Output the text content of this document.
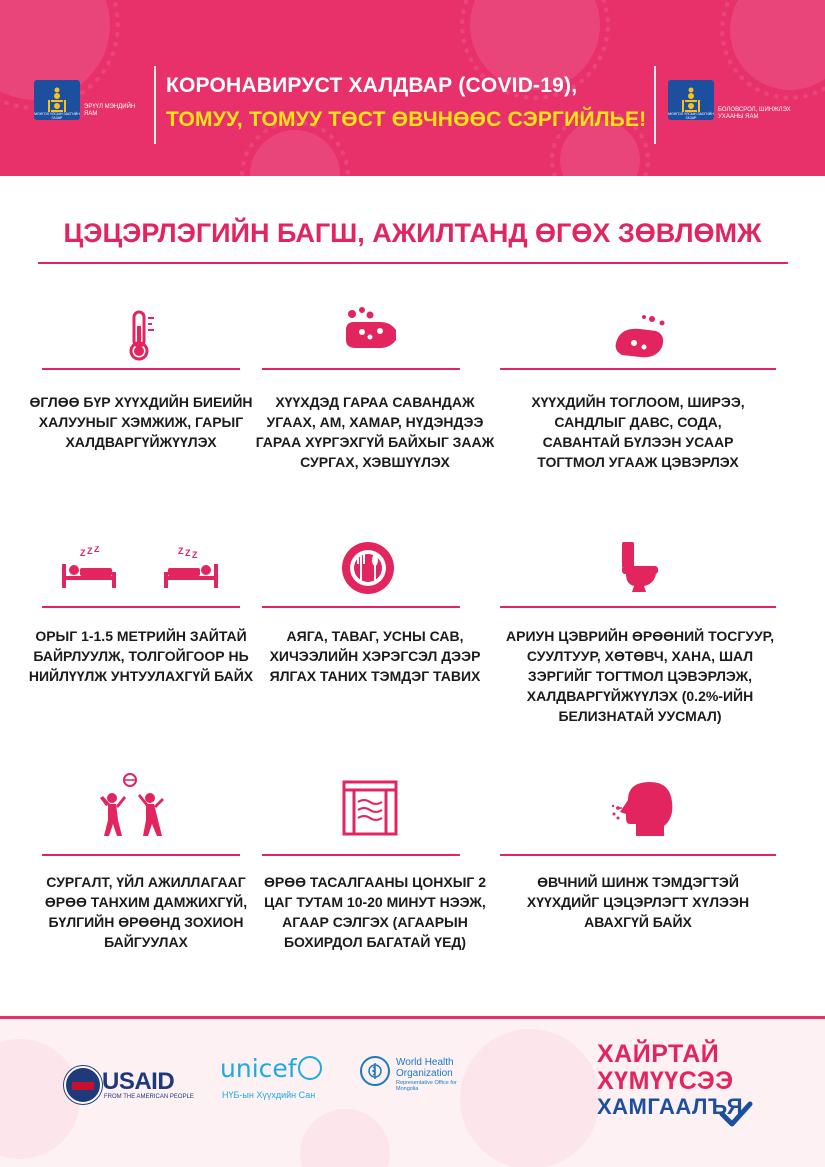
МОНГОЛ УЛСЫН ЗАСГИЙН ГАЗАР
ЭРҮҮЛ МЭНДИЙН ЯАМ
КОРОНАВИРУСТ ХАЛДВАР (COVID-19),
ТОМУУ, ТОМУУ ТӨСТ ӨВЧНӨӨС СЭРГИЙЛЬЕ!	МОНГОЛ УЛСЫН ЗАСГИЙН ГАЗАР
БОЛОВСРОЛ, ШИНЖЛЭХ УХААНЫ ЯАМ
ЦЭЦЭРЛЭГИЙН БАГШ, АЖИЛТАНД ӨГӨХ ЗӨВЛӨМЖ
ӨГЛӨӨ БҮР ХҮҮХДИЙН БИЕИЙН ХАЛУУНЫГ ХЭМЖИЖ, ГАРЫГ ХАЛДВАРГҮЙЖҮҮЛЭХ
ХҮҮХДЭД ГАРАА САВАНДАЖ УГААХ, АМ, ХАМАР, НҮДЭНДЭЭ ГАРАА ХҮРГЭХГҮЙ БАЙХЫГ ЗААЖ СУРГАХ, ХЭВШҮҮЛЭХ
ХҮҮХДИЙН ТОГЛООМ, ШИРЭЭ, САНДЛЫГ ДАВС, СОДА, САВАНТАЙ БҮЛЭЭН УСААР ТОГТМОЛ УГААЖ ЦЭВЭРЛЭХ
Z Z Z	Z Z Z
ОРЫГ 1-1.5 МЕТРИЙН ЗАЙТАЙ БАЙРЛУУЛЖ, ТОЛГОЙГООР НЬ НИЙЛҮҮЛЖ УНТУУЛАХГҮЙ БАЙХ
АЯГА, ТАВАГ, УСНЫ САВ, ХИЧЭЭЛИЙН ХЭРЭГСЭЛ ДЭЭР ЯЛГАХ ТАНИХ ТЭМДЭГ ТАВИХ
АРИУН ЦЭВРИЙН ӨРӨӨНИЙ ТОСГУУР, СУУЛТУУР, ХӨТӨВЧ, ХАНА, ШАЛ ЗЭРГИЙГ ТОГТМОЛ ЦЭВЭРЛЭЖ, ХАЛДВАРГҮЙЖҮҮЛЭХ (0.2%-ИЙН БЕЛИЗНАТАЙ УУСМАЛ)
СУРГАЛТ, ҮЙЛ АЖИЛЛАГААГ ӨРӨӨ ТАНХИМ ДАМЖИХГҮЙ, БҮЛГИЙН ӨРӨӨНД ЗОХИОН БАЙГУУЛАХ
ӨРӨӨ ТАСАЛГААНЫ ЦОНХЫГ 2 ЦАГ ТУТАМ 10-20 МИНУТ НЭЭЖ, АГААР СЭЛГЭХ (АГААРЫН БОХИРДОЛ БАГАТАЙ ҮЕД)
ӨВЧНИЙ ШИНЖ ТЭМДЭГТЭЙ ХҮҮХДИЙГ ЦЭЦЭРЛЭГТ ХҮЛЭЭН АВАХГҮЙ БАЙХ
USAID
FROM THE AMERICAN PEOPLE
unicef
НҮБ-ын Хүүхдийн Сан
World Health
Organization
Representative Office for Mongolia
ХАЙРТАЙ
ХҮМҮҮСЭЭ
ХАМГААЛЪЯ
